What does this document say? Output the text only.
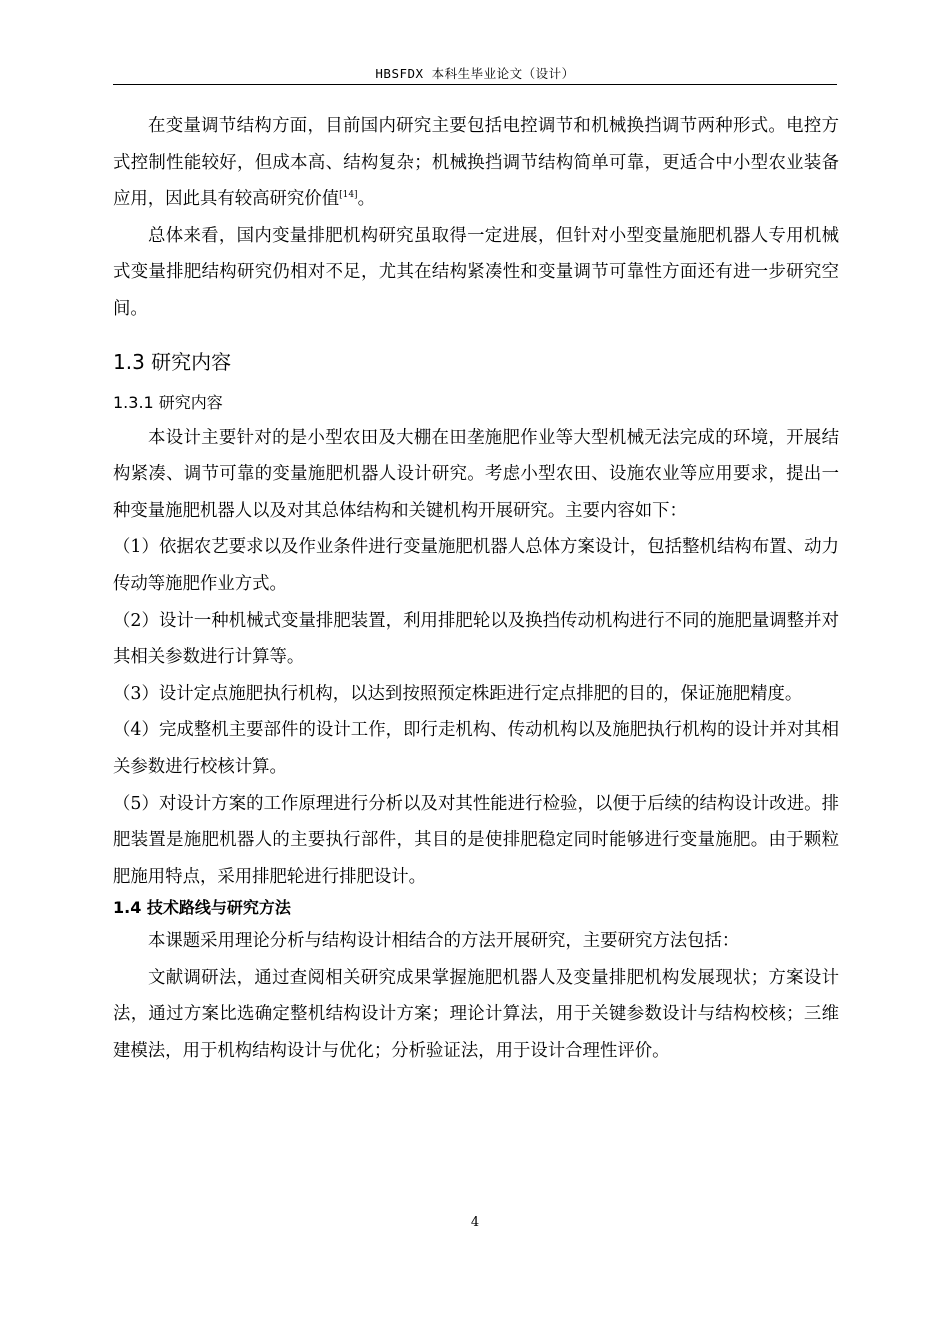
HBSFDX 本科生毕业论文（设计）

在变量调节结构方面，目前国内研究主要包括电控调节和机械换挡调节两种形式。电控方式控制性能较好，但成本高、结构复杂；机械换挡调节结构简单可靠，更适合中小型农业装备应用，因此具有较高研究价值[14]。

总体来看，国内变量排肥机构研究虽取得一定进展，但针对小型变量施肥机器人专用机械式变量排肥结构研究仍相对不足，尤其在结构紧凑性和变量调节可靠性方面还有进一步研究空间。

1.3 研究内容
1.3.1 研究内容

本设计主要针对的是小型农田及大棚在田垄施肥作业等大型机械无法完成的环境，开展结构紧凑、调节可靠的变量施肥机器人设计研究。考虑小型农田、设施农业等应用要求，提出一种变量施肥机器人以及对其总体结构和关键机构开展研究。主要内容如下：

（1）依据农艺要求以及作业条件进行变量施肥机器人总体方案设计，包括整机结构布置、动力传动等施肥作业方式。

（2）设计一种机械式变量排肥装置，利用排肥轮以及换挡传动机构进行不同的施肥量调整并对其相关参数进行计算等。

（3）设计定点施肥执行机构，以达到按照预定株距进行定点排肥的目的，保证施肥精度。

（4）完成整机主要部件的设计工作，即行走机构、传动机构以及施肥执行机构的设计并对其相关参数进行校核计算。

（5）对设计方案的工作原理进行分析以及对其性能进行检验，以便于后续的结构设计改进。排肥装置是施肥机器人的主要执行部件，其目的是使排肥稳定同时能够进行变量施肥。由于颗粒肥施用特点，采用排肥轮进行排肥设计。

1.4 技术路线与研究方法

本课题采用理论分析与结构设计相结合的方法开展研究，主要研究方法包括：

文献调研法，通过查阅相关研究成果掌握施肥机器人及变量排肥机构发展现状；方案设计法，通过方案比选确定整机结构设计方案；理论计算法，用于关键参数设计与结构校核；三维建模法，用于机构结构设计与优化；分析验证法，用于设计合理性评价。

4
